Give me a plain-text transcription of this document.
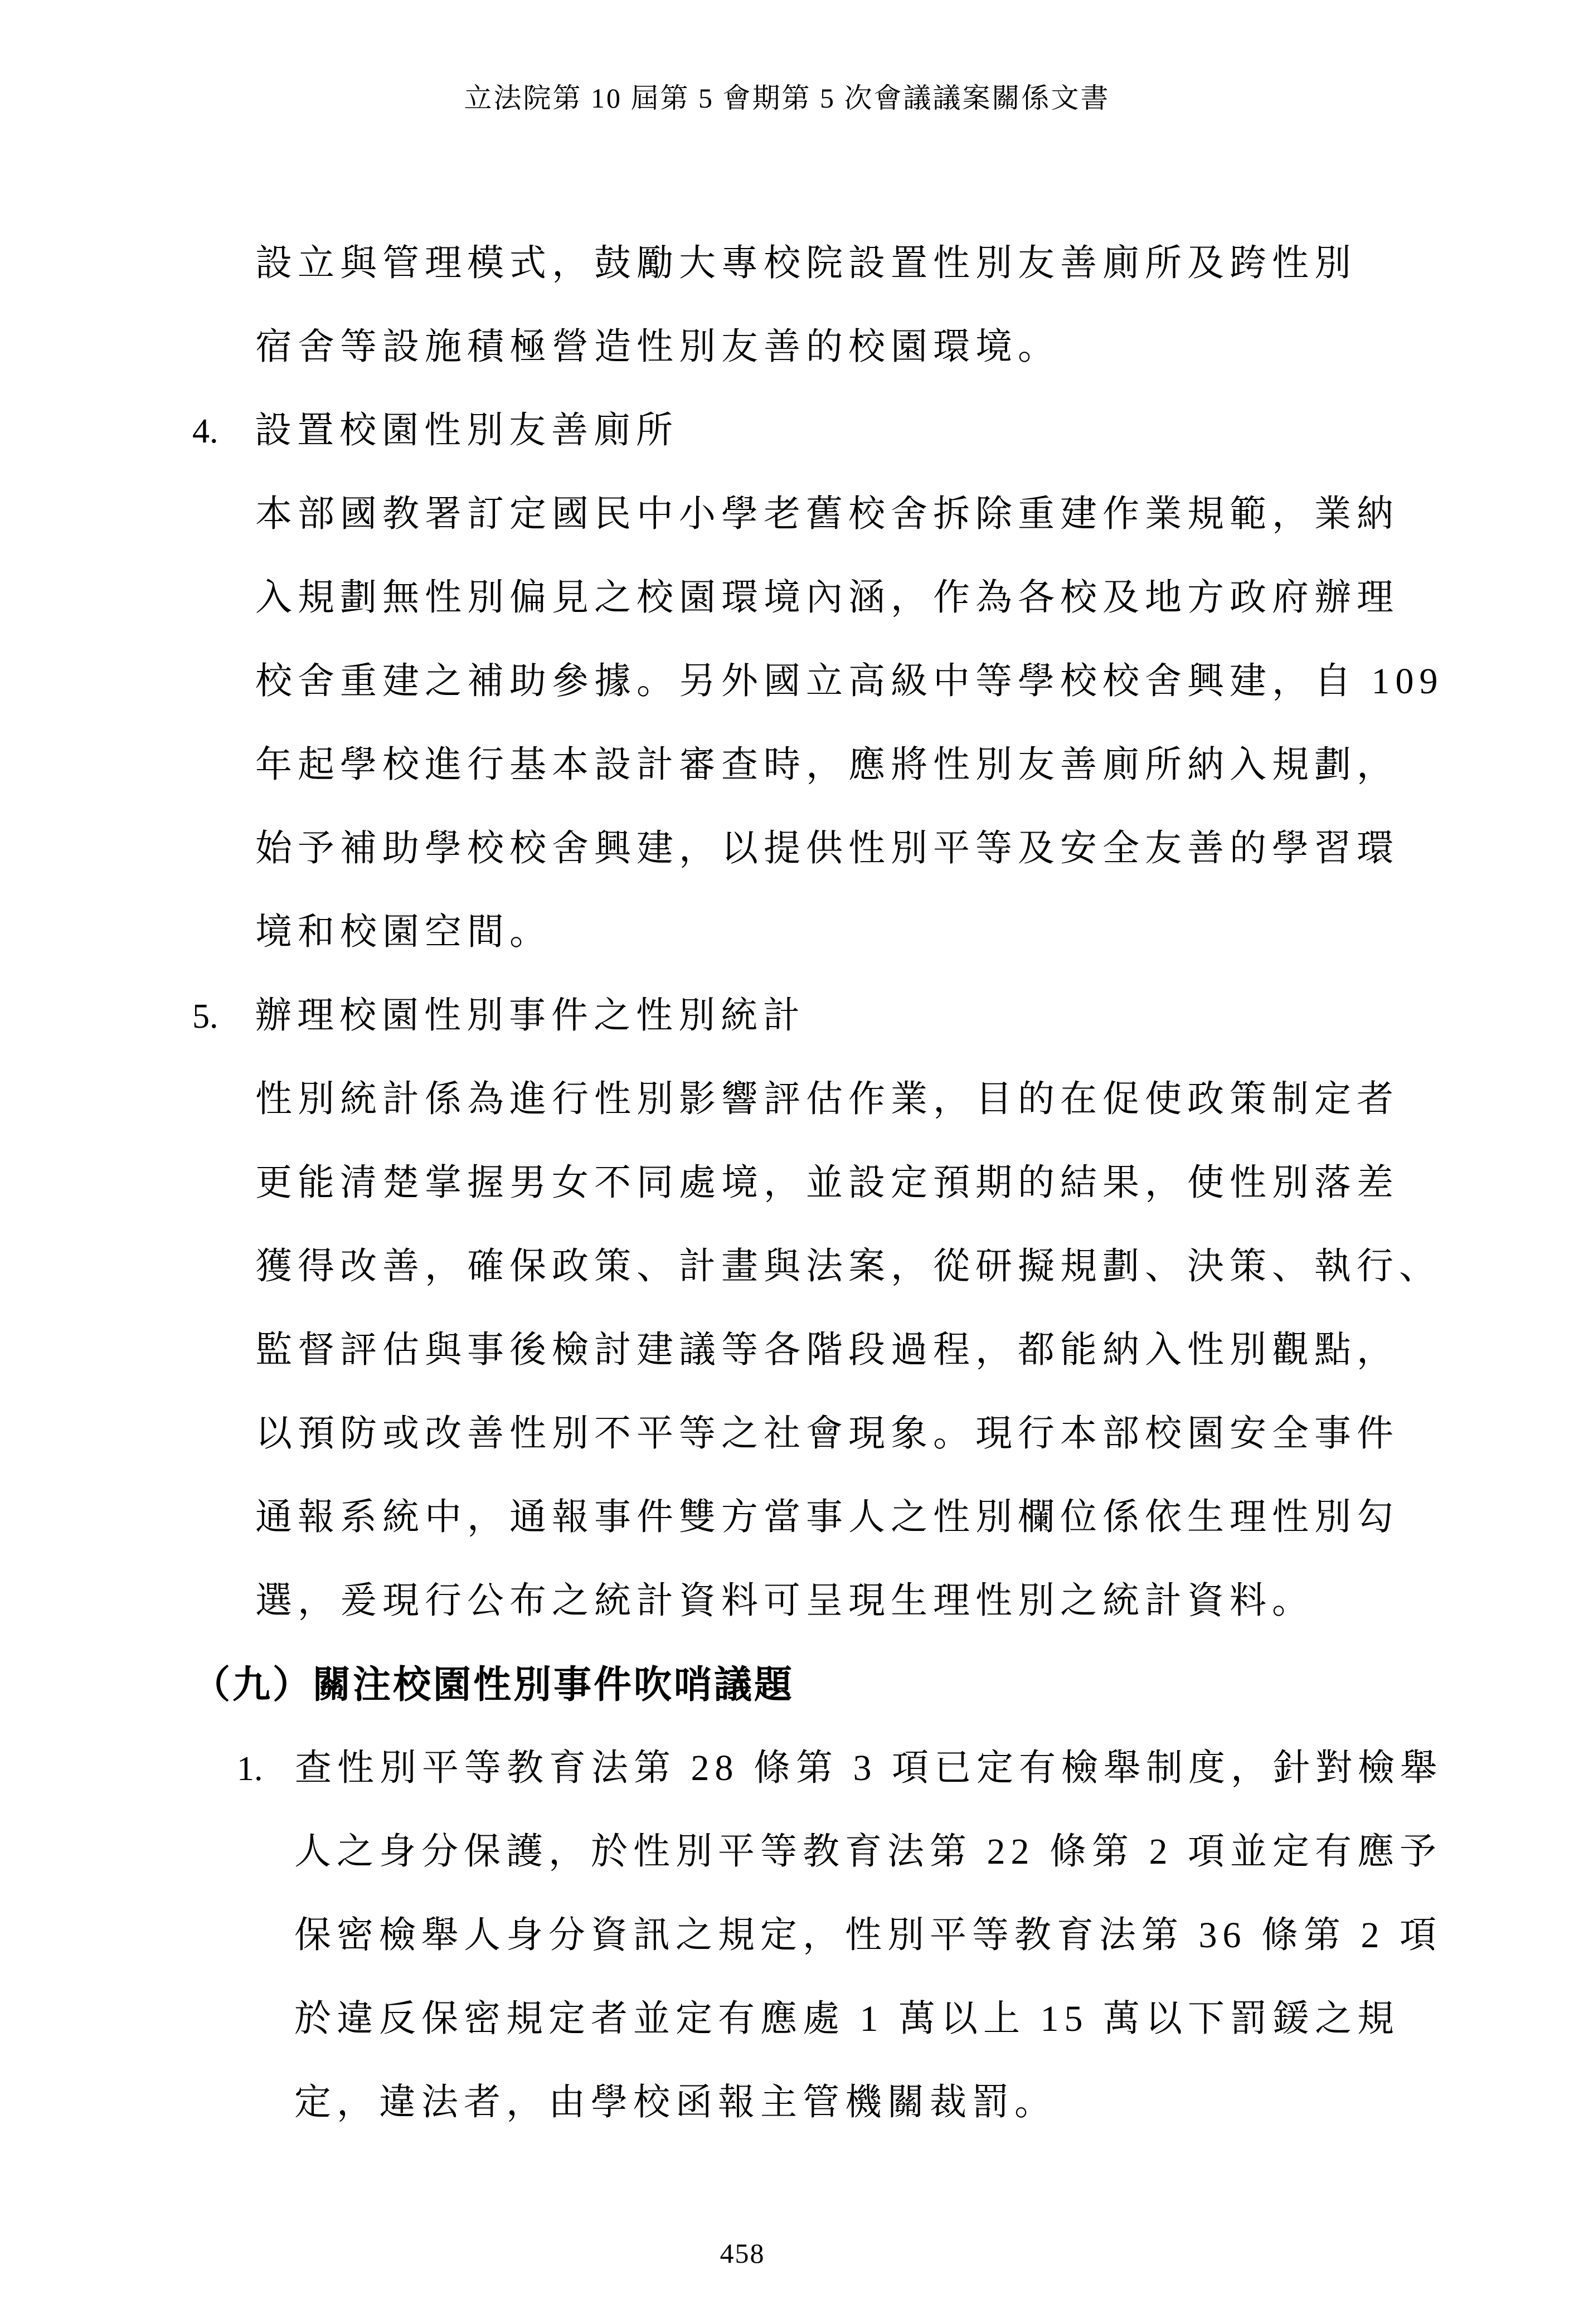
立法院第 10 屆第 5 會期第 5 次會議議案關係文書
設立與管理模式，鼓勵大專校院設置性別友善廁所及跨性別
宿舍等設施積極營造性別友善的校園環境。
4. 設置校園性別友善廁所
本部國教署訂定國民中小學老舊校舍拆除重建作業規範，業納
入規劃無性別偏見之校園環境內涵，作為各校及地方政府辦理
校舍重建之補助參據。另外國立高級中等學校校舍興建，自 109
年起學校進行基本設計審查時，應將性別友善廁所納入規劃，
始予補助學校校舍興建，以提供性別平等及安全友善的學習環
境和校園空間。
5. 辦理校園性別事件之性別統計
性別統計係為進行性別影響評估作業，目的在促使政策制定者
更能清楚掌握男女不同處境，並設定預期的結果，使性別落差
獲得改善，確保政策、計畫與法案，從研擬規劃、決策、執行、
監督評估與事後檢討建議等各階段過程，都能納入性別觀點，
以預防或改善性別不平等之社會現象。現行本部校園安全事件
通報系統中，通報事件雙方當事人之性別欄位係依生理性別勾
選，爰現行公布之統計資料可呈現生理性別之統計資料。
（九）關注校園性別事件吹哨議題
1. 查性別平等教育法第 28 條第 3 項已定有檢舉制度，針對檢舉
人之身分保護，於性別平等教育法第 22 條第 2 項並定有應予
保密檢舉人身分資訊之規定，性別平等教育法第 36 條第 2 項
於違反保密規定者並定有應處 1 萬以上 15 萬以下罰鍰之規
定，違法者，由學校函報主管機關裁罰。
458
